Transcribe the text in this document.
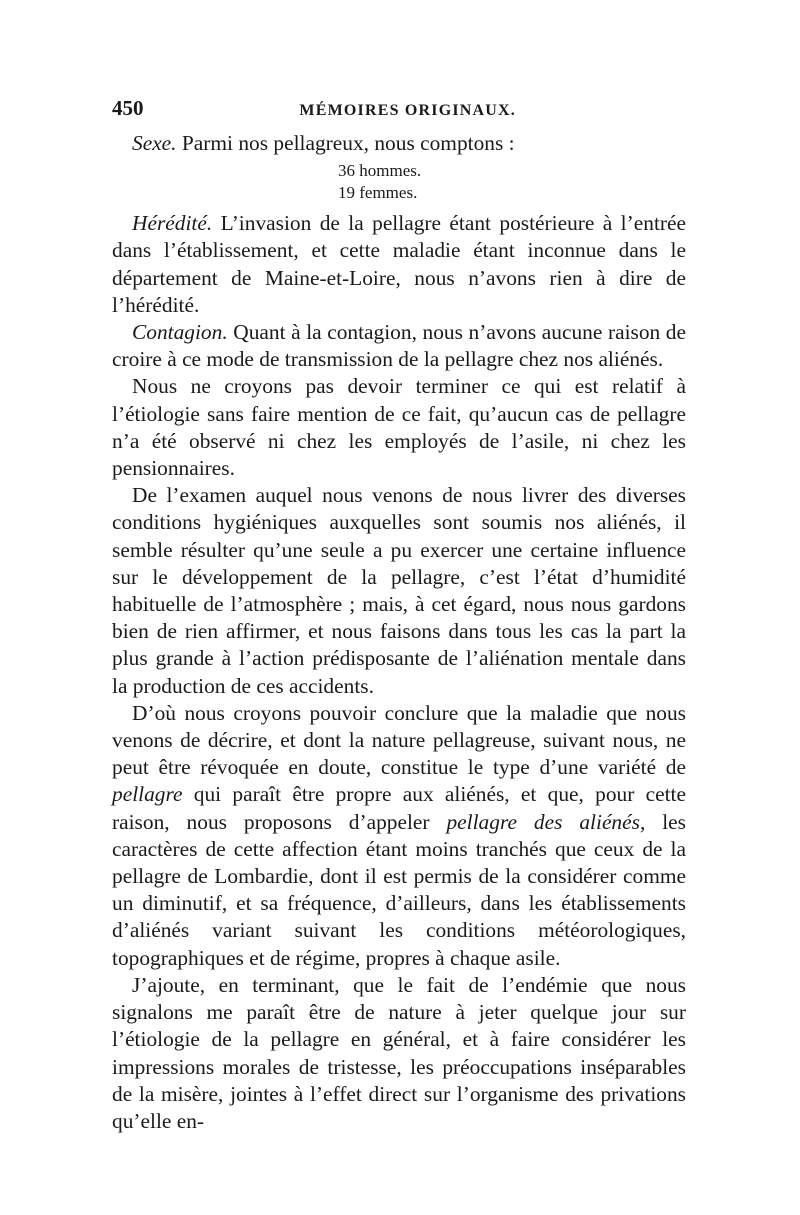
450	MÉMOIRES ORIGINAUX.

Sexe. Parmi nos pellagreux, nous comptons :

36 hommes.
19 femmes.

Hérédité. L’invasion de la pellagre étant postérieure à l’entrée dans l’établissement, et cette maladie étant inconnue dans le département de Maine-et-Loire, nous n’avons rien à dire de l’hérédité.

Contagion. Quant à la contagion, nous n’avons aucune raison de croire à ce mode de transmission de la pellagre chez nos aliénés.

Nous ne croyons pas devoir terminer ce qui est relatif à l’étiologie sans faire mention de ce fait, qu’aucun cas de pellagre n’a été observé ni chez les employés de l’asile, ni chez les pensionnaires.

De l’examen auquel nous venons de nous livrer des diverses conditions hygiéniques auxquelles sont soumis nos aliénés, il semble résulter qu’une seule a pu exercer une certaine influence sur le développement de la pellagre, c’est l’état d’humidité habituelle de l’atmosphère ; mais, à cet égard, nous nous gardons bien de rien affirmer, et nous faisons dans tous les cas la part la plus grande à l’action prédisposante de l’aliénation mentale dans la production de ces accidents.

D’où nous croyons pouvoir conclure que la maladie que nous venons de décrire, et dont la nature pellagreuse, suivant nous, ne peut être révoquée en doute, constitue le type d’une variété de pellagre qui paraît être propre aux aliénés, et que, pour cette raison, nous proposons d’appeler pellagre des aliénés, les caractères de cette affection étant moins tranchés que ceux de la pellagre de Lombardie, dont il est permis de la considérer comme un diminutif, et sa fréquence, d’ailleurs, dans les établissements d’aliénés variant suivant les conditions météorologiques, topographiques et de régime, propres à chaque asile.

J’ajoute, en terminant, que le fait de l’endémie que nous signalons me paraît être de nature à jeter quelque jour sur l’étiologie de la pellagre en général, et à faire considérer les impressions morales de tristesse, les préoccupations inséparables de la misère, jointes à l’effet direct sur l’organisme des privations qu’elle en-
